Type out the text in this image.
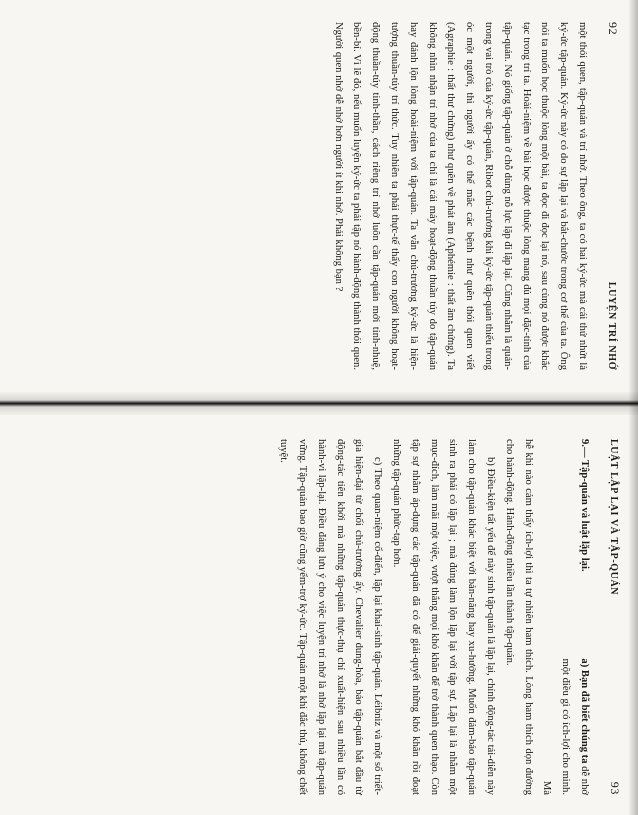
92
LUYỆN TRÍ NHỚ

một thói quen, tập-quán và trí nhớ. Theo ông, ta có hai ký-ức mà cái thứ nhứt là ký-ức tập-quán. Ký-ức này có do sự lặp lại và bắt-chước trong cơ thể của ta. Ông nói ta muốn học thuộc lòng một bài, ta đọc đi đọc lại nó, sau cùng nó được khắc tạc trong trí ta. Hoài-niệm về bài học được thuộc lòng mang đủ mọi đặc-tính của tập-quán. Nó giống tập-quán ở chỗ dùng nỗ lực lặp đi lặp lại. Cũng nhằm là quán-trong vai trò của ký-ức tập-quán, Ribot chủ-trương khi ký-ức tập-quán thiếu trong óc một người, thì người ấy có thể mắc các bệnh như quên thói quen viết (Agraphie : thất thư chứng) như quên về phát âm (Aphémie : thất âm chứng). Ta không nhìn nhận trí nhớ của ta chỉ là cái máy hoạt-động thuần túy do tập-quán hay đánh lộn lòng hoài-niệm với tập-quán. Ta vẫn chủ-trương ký-ức là hiện-tượng thuần-túy trí thức. Tuy nhiên ta phải thực-tế thấy con người không hoạt-động thuần-túy tinh-thần, cách riêng trí nhớ luôn cần tập-quán mới tinh-nhuệ, bền-bỉ. Vì lẽ đó, nếu muốn luyện ký-ức ta phải tập nó hành-động thành thói quen. Người quen nhớ dễ nhớ hơn người ít khi nhớ. Phải không bạn ?

LUẬT LẬP LẠI VÀ TẬP-QUÁN
93
a) Bạn đã biết chúng ta dễ nhớ một điều gì có ích-lợi cho mình. Mà
9.— Tập-quán và luật lặp lại.

hễ khi nào cảm thấy ích-lợi thì ta tự nhiên ham thích. Lòng ham thích dọn đường cho hành-động. Hành-động nhiều lần thành tập-quán.

b) Điều-kiện tất yếu để này sinh tập-quán là lặp lại, chính động-tác tái-diễn này làm cho tập-quán khác biệt với bản-năng hay xu-hướng. Muốn đảm-bảo tập-quán sinh ra phải có lặp lại ; mà đúng làm lộn lặp lại với tập sự. Lặp lại là nhằm một mục-đích, làm mãi một việc, vượt thắng mọi khó khăn để trở thành quen thạo. Còn tập sự nhằm áp-dụng các tập-quán đã có để giải-quyết những khó khăn rồi đoạt những tập-quán phức-tạp hơn.

c) Theo quan-niệm cổ-điển, lặp lại khai-sinh tập-quán. Léibniz và một số triết-gia hiện-đại từ chối chủ-trương ấy. Chevalier dung-hòa, bảo tập-quán bắt đầu từ động-tác tiên khởi mà những tập-quán thực-thụ chỉ xuất-hiện sau nhiều lần có hành-vi lặp-lại. Điều đáng lưu ý cho việc luyện trí nhớ là nhớ lặp lại mà tập-quán vững. Tập-quán bao giờ cũng yểm-trợ ký-ức. Tập-quán một khi đắc thủ, không chết tuyệt.
